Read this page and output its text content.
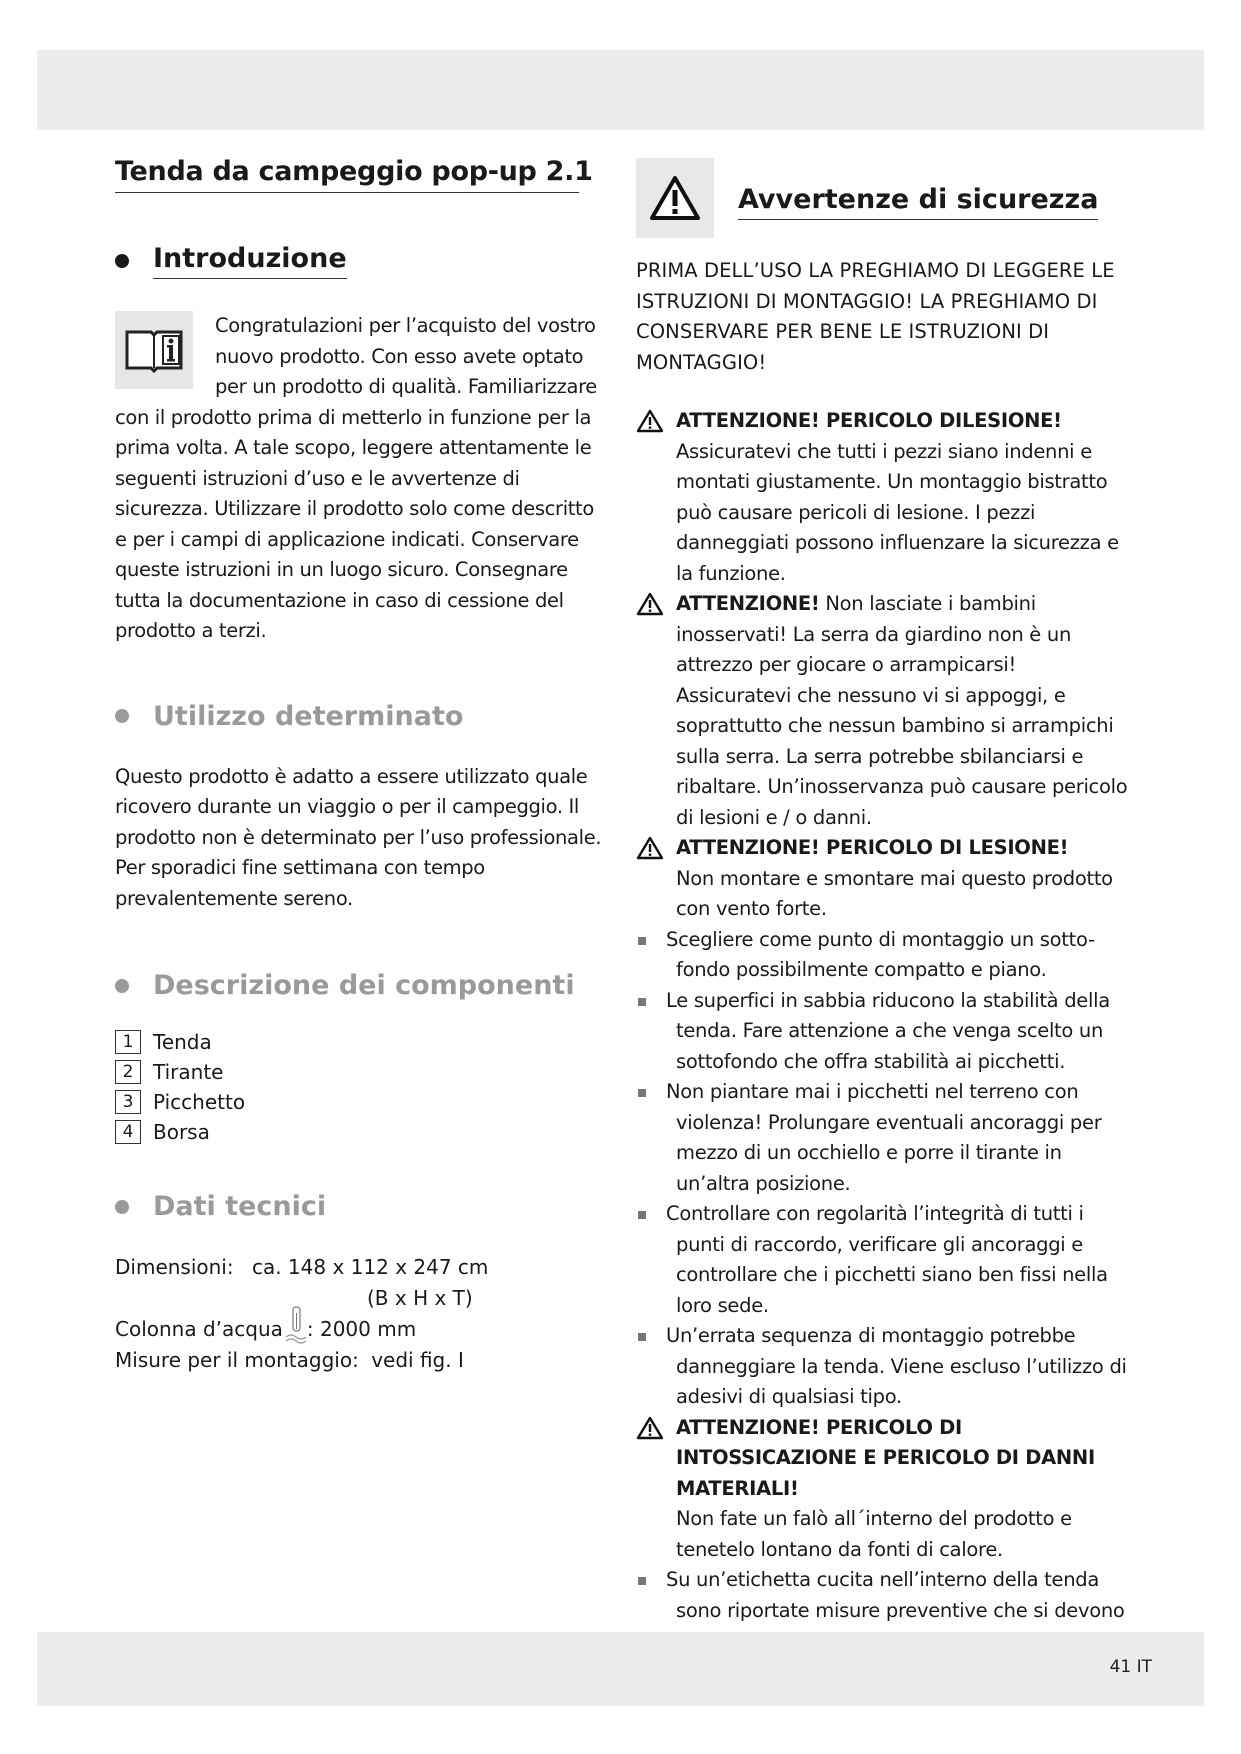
Tenda da campeggio pop-up 2.1
Introduzione

Congratulazioni per l’acquisto del vostro nuovo prodotto. Con esso avete optato per un prodotto di qualità. Familiarizzare con il prodotto prima di metterlo in funzione per la prima volta. A tale scopo, leggere attentamente le seguenti istruzioni d’uso e le avvertenze di sicurezza. Utilizzare il prodotto solo come descritto e per i campi di applicazione indicati. Conservare queste istruzioni in un luogo sicuro. Consegnare tutta la documentazione in caso di cessione del prodotto a terzi.

Utilizzo determinato

Questo prodotto è adatto a essere utilizzato quale ricovero durante un viaggio o per il campeggio. Il prodotto non è determinato per l’uso professionale. Per sporadici fine settimana con tempo prevalentemente sereno.

Descrizione dei componenti
1 Tenda
2 Tirante
3 Picchetto
4 Borsa
Dati tecnici
Dimensioni: ca. 148 x 112 x 247 cm
(B x H x T)
Colonna d’acqua : 2000 mm
Misure per il montaggio: vedi fig. I
Avvertenze di sicurezza

PRIMA DELL’USO LA PREGHIAMO DI LEGGERE LE ISTRUZIONI DI MONTAGGIO! LA PREGHIAMO DI CONSERVARE PER BENE LE ISTRUZIONI DI MONTAGGIO!

ATTENZIONE! PERICOLO DILESIONE!
Assicuratevi che tutti i pezzi siano indenni e montati giustamente. Un montaggio bistratto può causare pericoli di lesione. I pezzi danneggiati possono influenzare la sicurezza e la funzione.
ATTENZIONE! Non lasciate i bambini inosservati! La serra da giardino non è un attrezzo per giocare o arrampicarsi! Assicuratevi che nessuno vi si appoggi, e soprattutto che nessun bambino si arrampichi sulla serra. La serra potrebbe sbilanciarsi e ribaltare. Un’inosservanza può causare pericolo di lesioni e / o danni.
ATTENZIONE! PERICOLO DI LESIONE!
Non montare e smontare mai questo prodotto con vento forte.
Scegliere come punto di montaggio un sotto-
fondo possibilmente compatto e piano.
Le superfici in sabbia riducono la stabilità della
tenda. Fare attenzione a che venga scelto un sottofondo che offra stabilità ai picchetti.
Non piantare mai i picchetti nel terreno con
violenza! Prolungare eventuali ancoraggi per mezzo di un occhiello e porre il tirante in un’altra posizione.
Controllare con regolarità l’integrità di tutti i
punti di raccordo, verificare gli ancoraggi e controllare che i picchetti siano ben fissi nella loro sede.
Un’errata sequenza di montaggio potrebbe
danneggiare la tenda. Viene escluso l’utilizzo di adesivi di qualsiasi tipo.
ATTENZIONE! PERICOLO DI INTOSSICAZIONE E PERICOLO DI DANNI MATERIALI!
Non fate un falò all´interno del prodotto e tenetelo lontano da fonti di calore.
Su un’etichetta cucita nell’interno della tenda
sono riportate misure preventive che si devono
41 IT
